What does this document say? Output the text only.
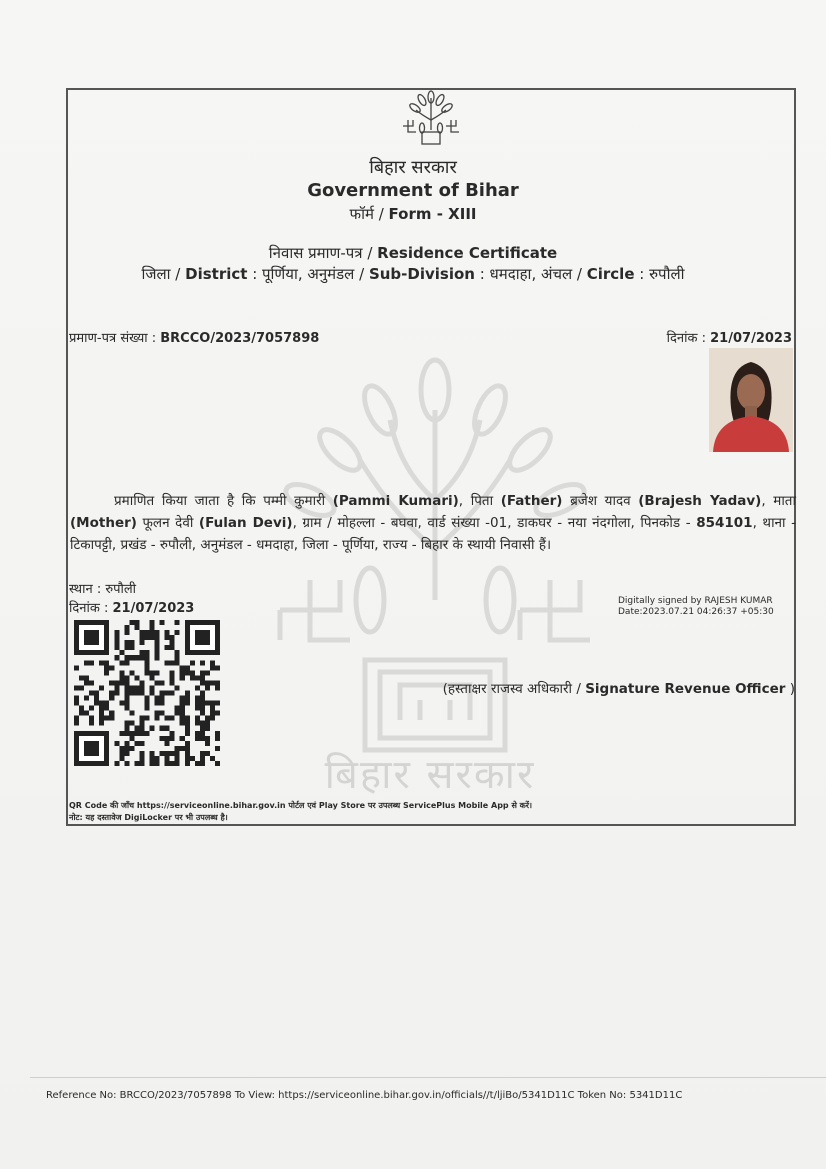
बिहार सरकार
बिहार सरकार
Government of Bihar
फॉर्म / Form - XIII
निवास प्रमाण-पत्र / Residence Certificate
जिला / District : पूर्णिया, अनुमंडल / Sub-Division : धमदाहा, अंचल / Circle : रुपौली
प्रमाण-पत्र संख्या : BRCCO/2023/7057898	दिनांक : 21/07/2023
प्रमाणित किया जाता है कि पम्मी कुमारी (Pammi Kumari), पिता (Father) ब्रजेश यादव (Brajesh Yadav), माता (Mother) फूलन देवी (Fulan Devi), ग्राम / मोहल्ला - बघवा, वार्ड संख्या -01, डाकघर - नया नंदगोला, पिनकोड - 854101, थाना - टिकापट्टी, प्रखंड - रुपौली, अनुमंडल - धमदाहा, जिला - पूर्णिया, राज्य - बिहार के स्थायी निवासी हैं।
स्थान : रुपौली
दिनांक : 21/07/2023	Digitally signed by RAJESH KUMAR
Date:2023.07.21 04:26:37 +05:30
(हस्ताक्षर राजस्व अधिकारी / Signature Revenue Officer )
QR Code की जाँच https://serviceonline.bihar.gov.in पोर्टल एवं Play Store पर उपलब्ध ServicePlus Mobile App से करें।
नोट: यह दस्तावेज DigiLocker पर भी उपलब्ध है।
Reference No: BRCCO/2023/7057898 To View: https://serviceonline.bihar.gov.in/officials//t/ljiBo/5341D11C Token No: 5341D11C
